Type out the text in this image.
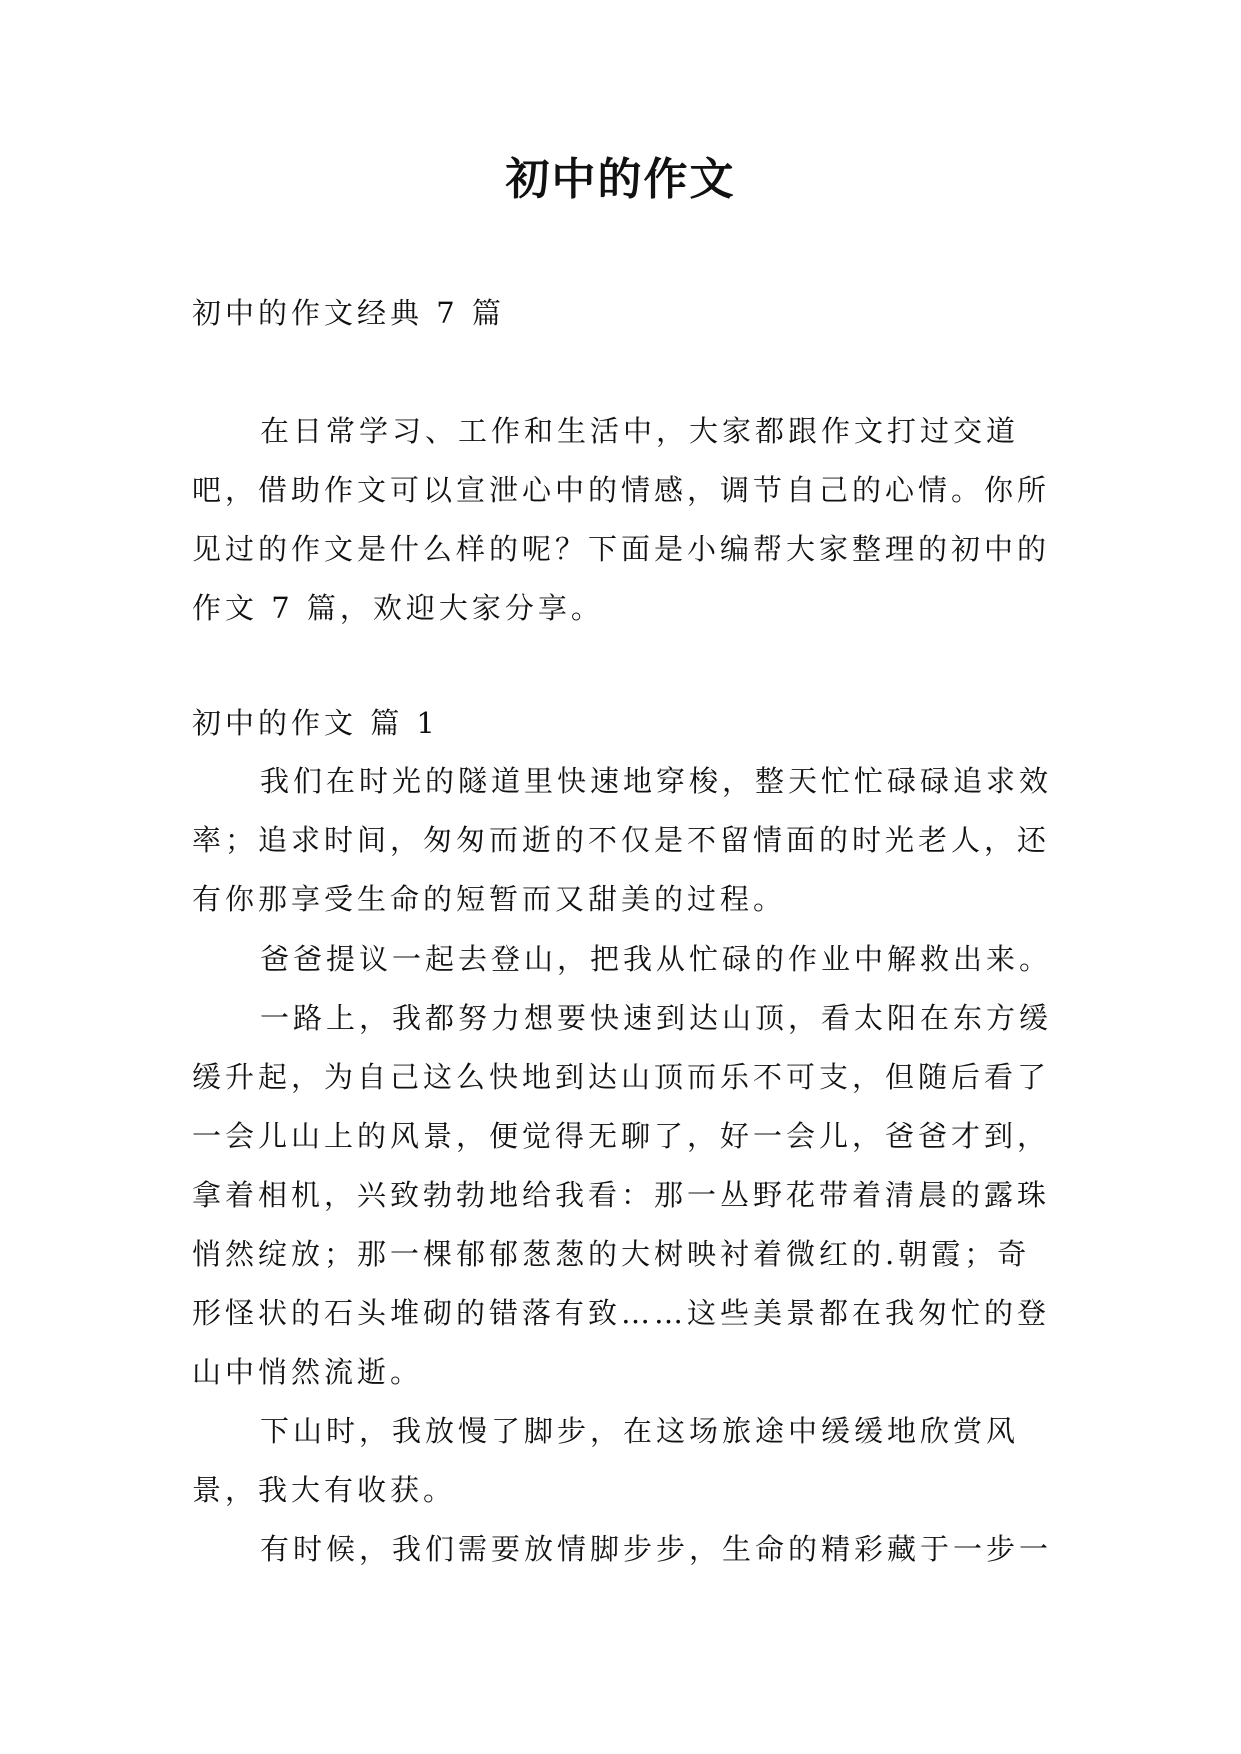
初中的作文
初中的作文经典 7 篇
在日常学习、工作和生活中，大家都跟作文打过交道吧，借助作文可以宣泄心中的情感，调节自己的心情。你所见过的作文是什么样的呢？下面是小编帮大家整理的初中的作文 7 篇，欢迎大家分享。
初中的作文 篇 1
我们在时光的隧道里快速地穿梭，整天忙忙碌碌追求效率；追求时间，匆匆而逝的不仅是不留情面的时光老人，还有你那享受生命的短暂而又甜美的过程。
爸爸提议一起去登山，把我从忙碌的作业中解救出来。
一路上，我都努力想要快速到达山顶，看太阳在东方缓缓升起，为自己这么快地到达山顶而乐不可支，但随后看了一会儿山上的风景，便觉得无聊了，好一会儿，爸爸才到，拿着相机，兴致勃勃地给我看：那一丛野花带着清晨的露珠悄然绽放；那一棵郁郁葱葱的大树映衬着微红的.朝霞；奇形怪状的石头堆砌的错落有致……这些美景都在我匆忙的登山中悄然流逝。
下山时，我放慢了脚步，在这场旅途中缓缓地欣赏风景，我大有收获。
有时候，我们需要放情脚步步，生命的精彩藏于一步一
